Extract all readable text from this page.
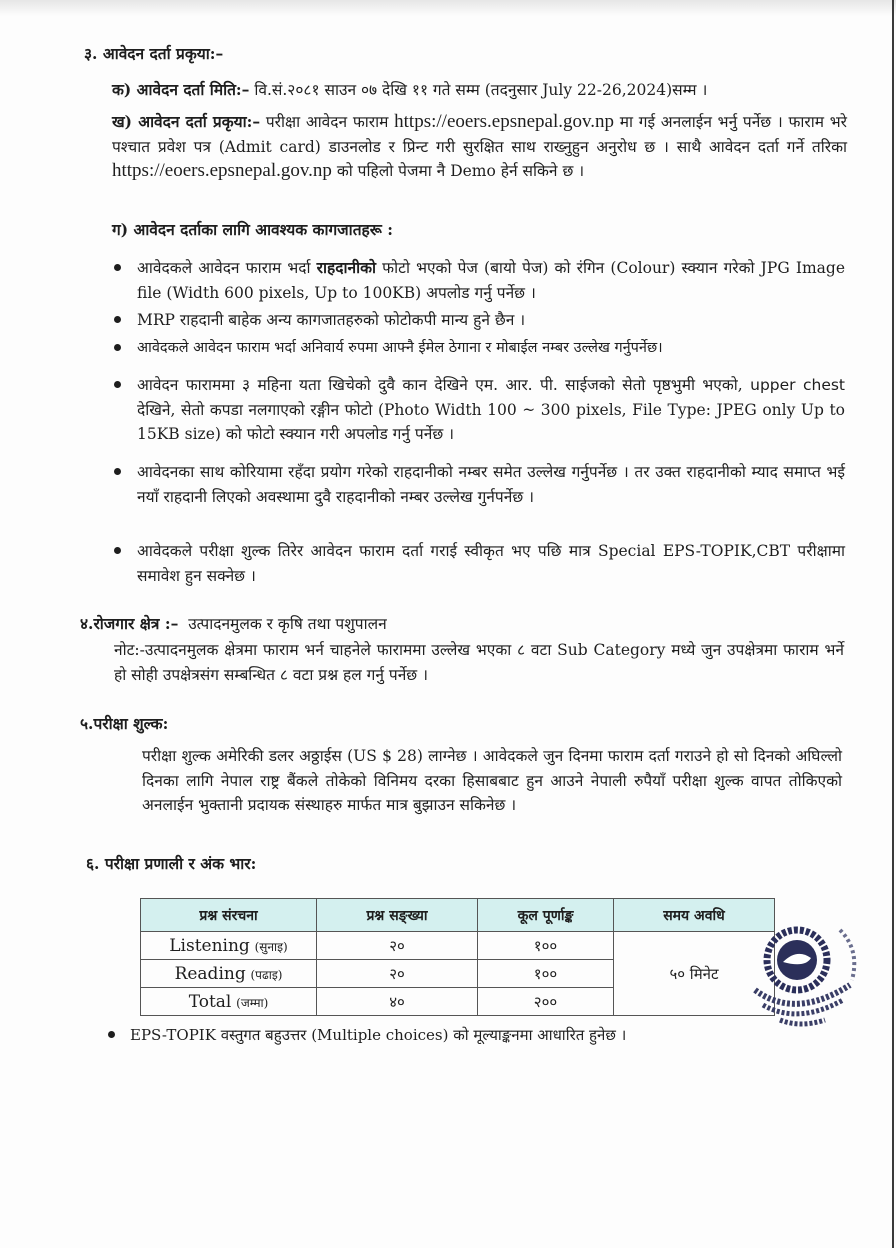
३. आवेदन दर्ता प्रकृया:–
क) आवेदन दर्ता मिति:– वि.सं.२०८१ साउन ०७ देखि ११ गते सम्म (तदनुसार July 22-26,2024)सम्म ।
ख) आवेदन दर्ता प्रकृया:– परीक्षा आवेदन फाराम https://eoers.epsnepal.gov.np मा गई अनलाईन भर्नु पर्नेछ । फाराम भरे पश्चात प्रवेश पत्र (Admit card) डाउनलोड र प्रिन्ट गरी सुरक्षित साथ राख्नुहुन अनुरोध छ । साथै आवेदन दर्ता गर्ने तरिका https://eoers.epsnepal.gov.np को पहिलो पेजमा नै Demo हेर्न सकिने छ ।
ग) आवेदन दर्ताका लागि आवश्यक कागजातहरू :
आवेदकले आवेदन फाराम भर्दा राहदानीको फोटो भएको पेज (बायो पेज) को रंगिन (Colour) स्क्यान गरेको JPG Image file (Width 600 pixels, Up to 100KB) अपलोड गर्नु पर्नेछ ।
MRP राहदानी बाहेक अन्य कागजातहरुको फोटोकपी मान्य हुने छैन ।
आवेदकले आवेदन फाराम भर्दा अनिवार्य रुपमा आफ्नै ईमेल ठेगाना र मोबाईल नम्बर उल्लेख गर्नुपर्नेछ।
आवेदन फाराममा ३ महिना यता खिचेको दुवै कान देखिने एम. आर. पी. साईजको सेतो पृष्ठभुमी भएको, upper chest देखिने, सेतो कपडा नलगाएको रङ्गीन फोटो (Photo Width 100 ~ 300 pixels, File Type: JPEG only Up to 15KB size) को फोटो स्क्यान गरी अपलोड गर्नु पर्नेछ ।
आवेदनका साथ कोरियामा रहँदा प्रयोग गरेको राहदानीको नम्बर समेत उल्लेख गर्नुपर्नेछ । तर उक्त राहदानीको म्याद समाप्त भई नयाँ राहदानी लिएको अवस्थामा दुवै राहदानीको नम्बर उल्लेख गुर्नपर्नेछ ।
आवेदकले परीक्षा शुल्क तिरेर आवेदन फाराम दर्ता गराई स्वीकृत भए पछि मात्र Special EPS-TOPIK,CBT परीक्षामा समावेश हुन सक्नेछ ।
४.रोजगार क्षेत्र :– उत्पादनमुलक र कृषि तथा पशुपालन
नोट:-उत्पादनमुलक क्षेत्रमा फाराम भर्न चाहनेले फाराममा उल्लेख भएका ८ वटा Sub Category मध्ये जुन उपक्षेत्रमा फाराम भर्ने हो सोही उपक्षेत्रसंग सम्बन्धित ८ वटा प्रश्न हल गर्नु पर्नेछ ।
५.परीक्षा शुल्क:
परीक्षा शुल्क अमेरिकी डलर अठ्ठाईस (US $ 28) लाग्नेछ । आवेदकले जुन दिनमा फाराम दर्ता गराउने हो सो दिनको अघिल्लो दिनका लागि नेपाल राष्ट्र बैंकले तोकेको विनिमय दरका हिसाबबाट हुन आउने नेपाली रुपैयाँ परीक्षा शुल्क वापत तोकिएको अनलाईन भुक्तानी प्रदायक संस्थाहरु मार्फत मात्र बुझाउन सकिनेछ ।
६. परीक्षा प्रणाली र अंक भार:
प्रश्न संरचना	प्रश्न सङ्ख्या	कूल पूर्णाङ्क	समय अवधि
Listening (सुनाइ)	२०	१००	५० मिनेट
Reading (पढाइ)	२०	१००	
Total (जम्मा)	४०	२००	
EPS-TOPIK वस्तुगत बहुउत्तर (Multiple choices) को मूल्याङ्कनमा आधारित हुनेछ ।
